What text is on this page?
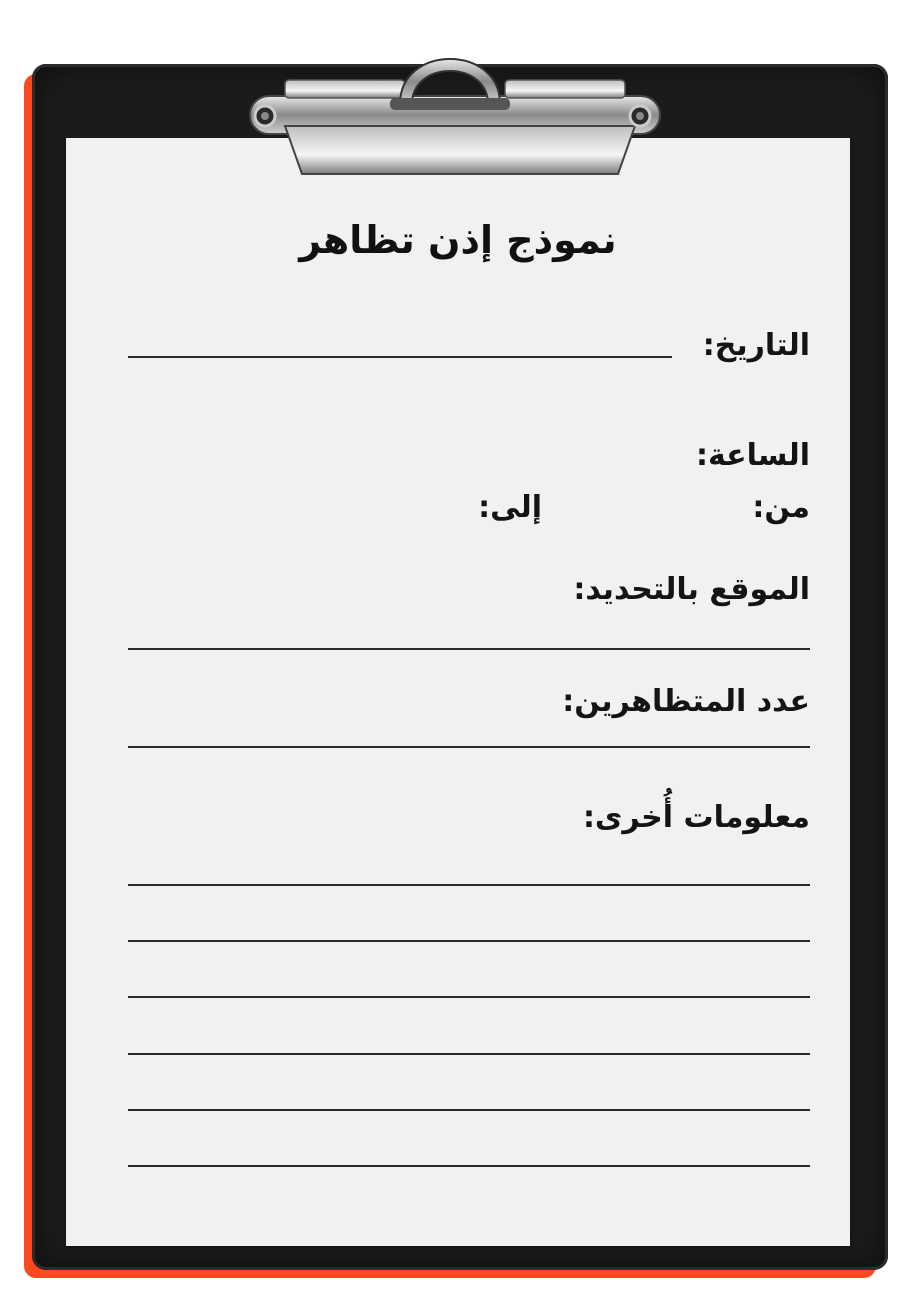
نموذج إذن تظاهر
التاريخ:
الساعة:
من:
إلى:
الموقع بالتحديد:
عدد المتظاهرين:
معلومات أُخرى:
